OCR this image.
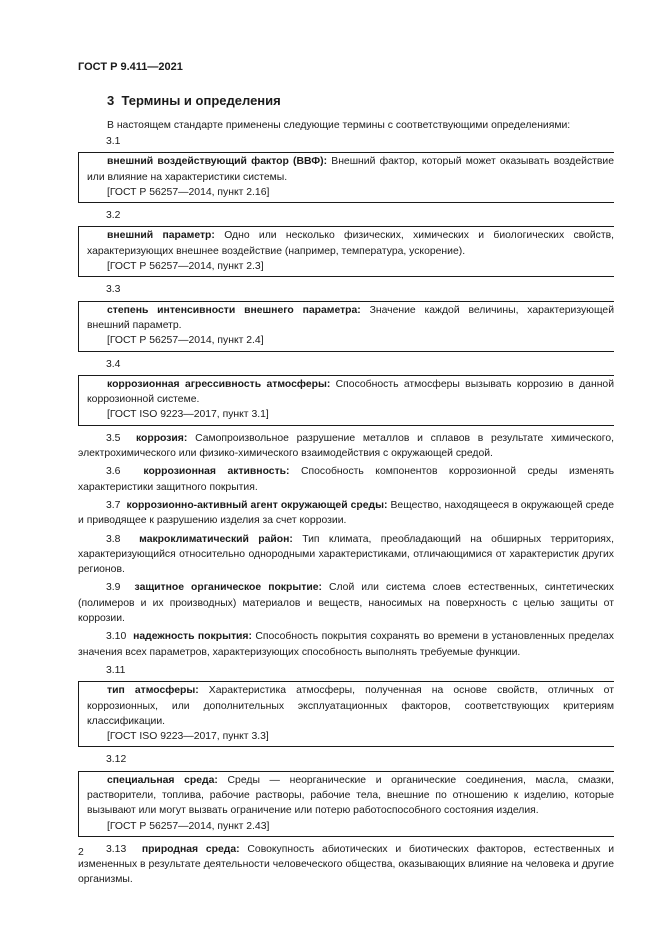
ГОСТ Р 9.411—2021
3 Термины и определения
В настоящем стандарте применены следующие термины с соответствующими определениями:
3.1

внешний воздействующий фактор (ВВФ): Внешний фактор, который может оказывать воздействие или влияние на характеристики системы.

[ГОСТ Р 56257—2014, пункт 2.16]
3.2

внешний параметр: Одно или несколько физических, химических и биологических свойств, характеризующих внешнее воздействие (например, температура, ускорение).

[ГОСТ Р 56257—2014, пункт 2.3]
3.3

степень интенсивности внешнего параметра: Значение каждой величины, характеризующей внешний параметр.

[ГОСТ Р 56257—2014, пункт 2.4]
3.4

коррозионная агрессивность атмосферы: Способность атмосферы вызывать коррозию в данной коррозионной системе.

[ГОСТ ISO 9223—2017, пункт 3.1]

3.5 коррозия: Самопроизвольное разрушение металлов и сплавов в результате химического, электрохимического или физико-химического взаимодействия с окружающей средой.

3.6 коррозионная активность: Способность компонентов коррозионной среды изменять характеристики защитного покрытия.

3.7 коррозионно-активный агент окружающей среды: Вещество, находящееся в окружающей среде и приводящее к разрушению изделия за счет коррозии.

3.8 макроклиматический район: Тип климата, преобладающий на обширных территориях, характеризующийся относительно однородными характеристиками, отличающимися от характеристик других регионов.

3.9 защитное органическое покрытие: Слой или система слоев естественных, синтетических (полимеров и их производных) материалов и веществ, наносимых на поверхность с целью защиты от коррозии.

3.10 надежность покрытия: Способность покрытия сохранять во времени в установленных пределах значения всех параметров, характеризующих способность выполнять требуемые функции.

3.11

тип атмосферы: Характеристика атмосферы, полученная на основе свойств, отличных от коррозионных, или дополнительных эксплуатационных факторов, соответствующих критериям классификации.

[ГОСТ ISO 9223—2017, пункт 3.3]
3.12

специальная среда: Среды — неорганические и органические соединения, масла, смазки, растворители, топлива, рабочие растворы, рабочие тела, внешние по отношению к изделию, которые вызывают или могут вызвать ограничение или потерю работоспособного состояния изделия.

[ГОСТ Р 56257—2014, пункт 2.43]

3.13 природная среда: Совокупность абиотических и биотических факторов, естественных и измененных в результате деятельности человеческого общества, оказывающих влияние на человека и другие организмы.

2
